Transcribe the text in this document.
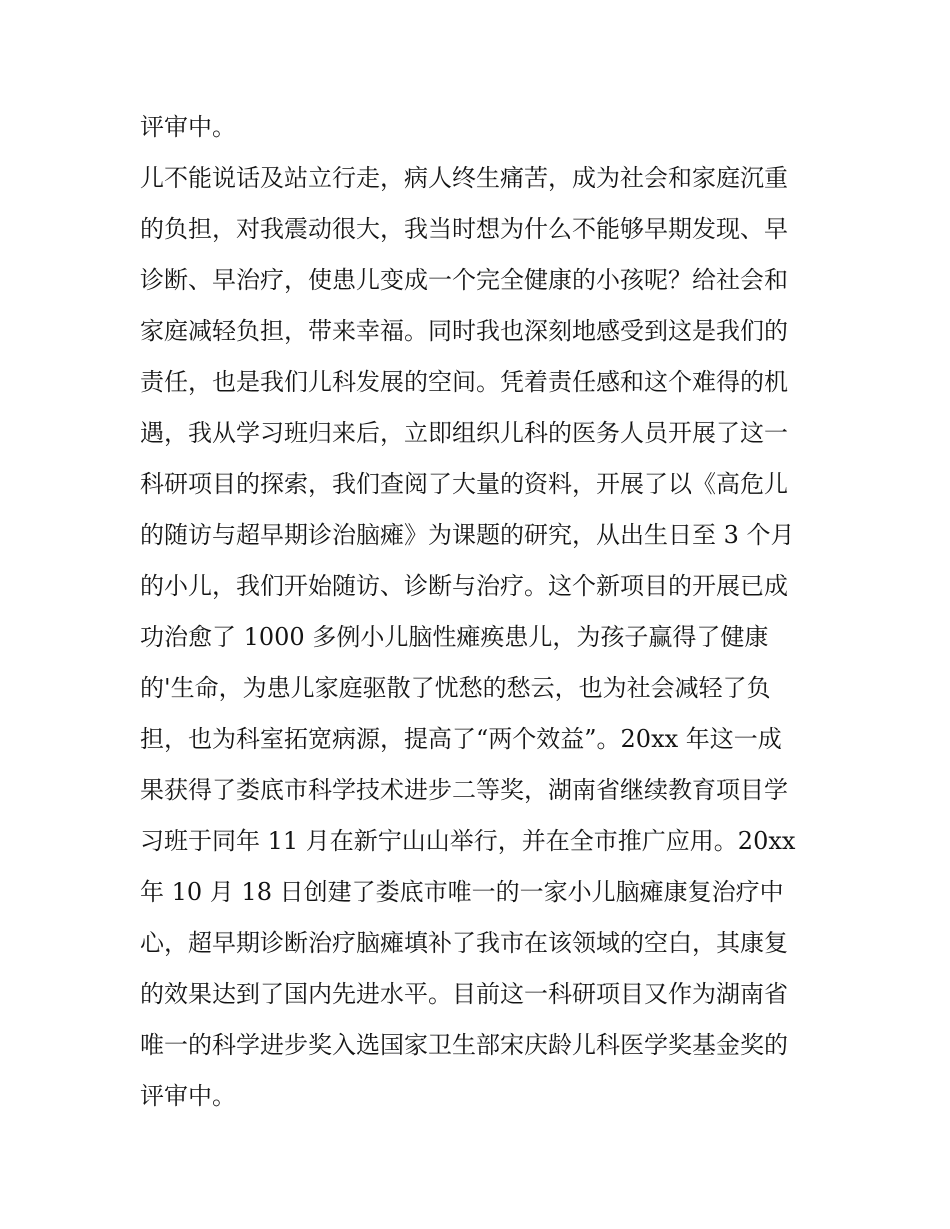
评审中。
儿不能说话及站立行走，病人终生痛苦，成为社会和家庭沉重
的负担，对我震动很大，我当时想为什么不能够早期发现、早
诊断、早治疗，使患儿变成一个完全健康的小孩呢？给社会和
家庭减轻负担，带来幸福。同时我也深刻地感受到这是我们的
责任，也是我们儿科发展的空间。凭着责任感和这个难得的机
遇，我从学习班归来后，立即组织儿科的医务人员开展了这一
科研项目的探索，我们查阅了大量的资料，开展了以《高危儿
的随访与超早期诊治脑瘫》为课题的研究，从出生日至 3 个月
的小儿，我们开始随访、诊断与治疗。这个新项目的开展已成
功治愈了 1000 多例小儿脑性瘫痪患儿，为孩子赢得了健康
的'生命，为患儿家庭驱散了忧愁的愁云，也为社会减轻了负
担，也为科室拓宽病源，提高了“两个效益”。20xx 年这一成
果获得了娄底市科学技术进步二等奖，湖南省继续教育项目学
习班于同年 11 月在新宁山山举行，并在全市推广应用。20xx
年 10 月 18 日创建了娄底市唯一的一家小儿脑瘫康复治疗中
心，超早期诊断治疗脑瘫填补了我市在该领域的空白，其康复
的效果达到了国内先进水平。目前这一科研项目又作为湖南省
唯一的科学进步奖入选国家卫生部宋庆龄儿科医学奖基金奖的
评审中。
